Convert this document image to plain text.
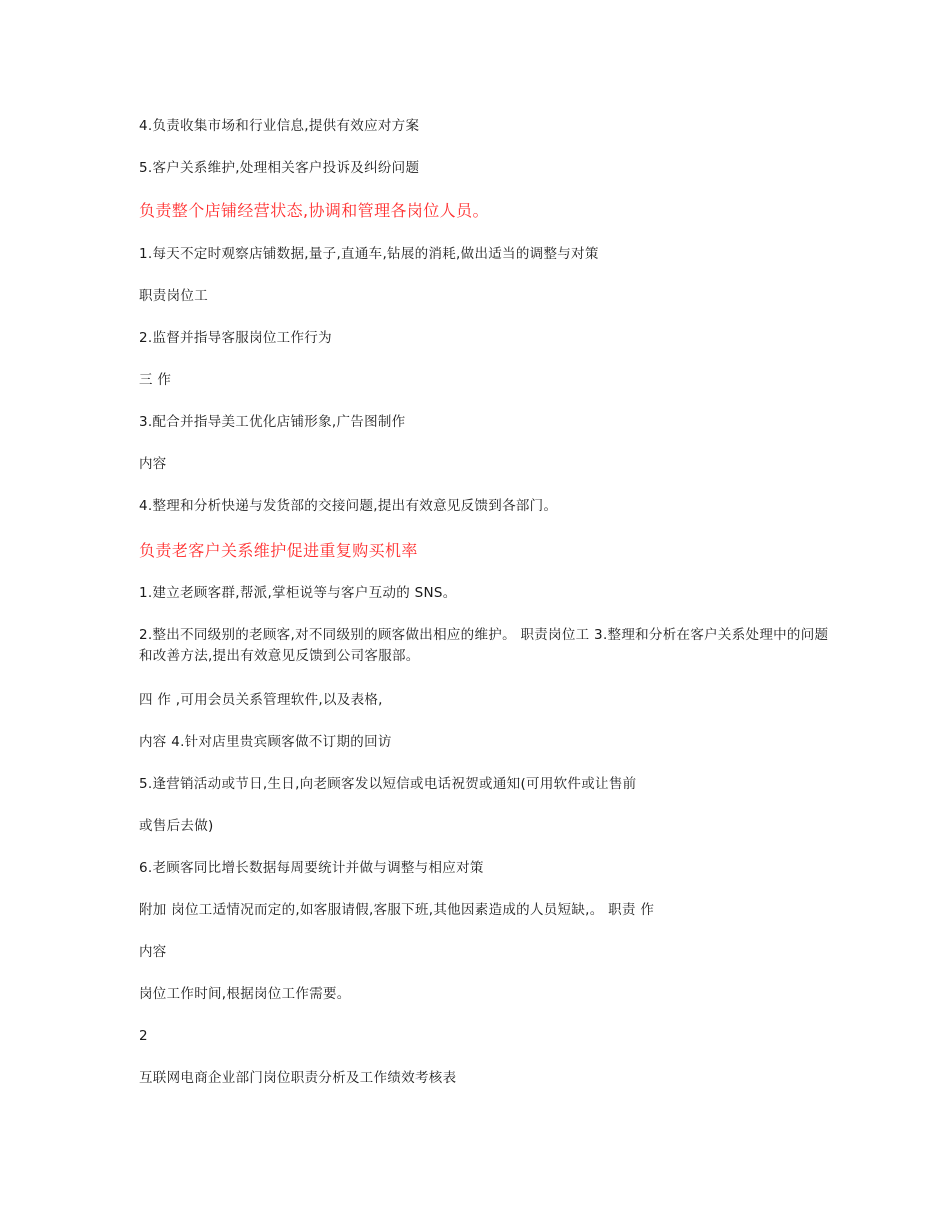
4.负责收集市场和行业信息,提供有效应对方案
5.客户关系维护,处理相关客户投诉及纠纷问题
负责整个店铺经营状态,协调和管理各岗位人员。
1.每天不定时观察店铺数据,量子,直通车,钻展的消耗,做出适当的调整与对策
职责岗位工
2.监督并指导客服岗位工作行为
三 作
3.配合并指导美工优化店铺形象,广告图制作
内容
4.整理和分析快递与发货部的交接问题,提出有效意见反馈到各部门。
负责老客户关系维护促进重复购买机率
1.建立老顾客群,帮派,掌柜说等与客户互动的 SNS。
2.整出不同级别的老顾客,对不同级别的顾客做出相应的维护。 职责岗位工 3.整理和分析在客户关系处理中的问题和改善方法,提出有效意见反馈到公司客服部。
四 作 ,可用会员关系管理软件,以及表格,
内容 4.针对店里贵宾顾客做不订期的回访
5.逢营销活动或节日,生日,向老顾客发以短信或电话祝贺或通知(可用软件或让售前
或售后去做)
6.老顾客同比增长数据每周要统计并做与调整与相应对策
附加 岗位工适情况而定的,如客服请假,客服下班,其他因素造成的人员短缺,。 职责 作
内容
岗位工作时间,根据岗位工作需要。
2
互联网电商企业部门岗位职责分析及工作绩效考核表
